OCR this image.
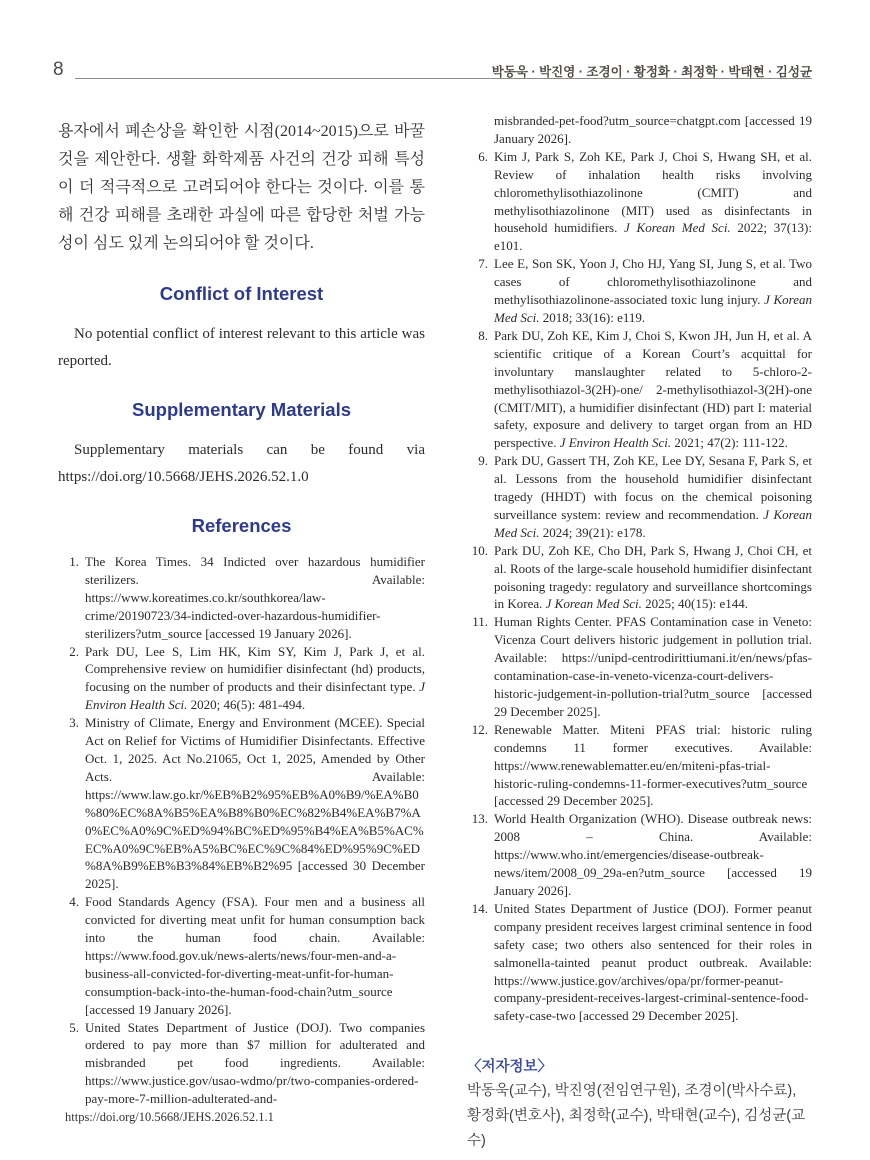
8	박동욱 · 박진영 · 조경이 · 황정화 · 최정학 · 박태현 · 김성균

용자에서 폐손상을 확인한 시점(2014~2015)으로 바꿀 것을 제안한다. 생활 화학제품 사건의 건강 피해 특성이 더 적극적으로 고려되어야 한다는 것이다. 이를 통해 건강 피해를 초래한 과실에 따른 합당한 처벌 가능성이 심도 있게 논의되어야 할 것이다.

Conflict of Interest

No potential conflict of interest relevant to this article was reported.

Supplementary Materials

Supplementary materials can be found via https://doi.org/10.5668/JEHS.2026.52.1.0

References
1. The Korea Times. 34 Indicted over hazardous humidifier sterilizers. Available: https://www.koreatimes.co.kr/southkorea/law-crime/20190723/34-indicted-over-hazardous-humidifier-sterilizers?utm_source [accessed 19 January 2026].
2. Park DU, Lee S, Lim HK, Kim SY, Kim J, Park J, et al. Comprehensive review on humidifier disinfectant (hd) products, focusing on the number of products and their disinfectant type. J Environ Health Sci. 2020; 46(5): 481-494.
3. Ministry of Climate, Energy and Environment (MCEE). Special Act on Relief for Victims of Humidifier Disinfectants. Effective Oct. 1, 2025. Act No.21065, Oct 1, 2025, Amended by Other Acts. Available: https://www.law.go.kr/%EB%B2%95%EB%A0%B9/%EA%B0%80%EC%8A%B5%EA%B8%B0%EC%82%B4%EA%B7%A0%EC%A0%9C%ED%94%BC%ED%95%B4%EA%B5%AC%EC%A0%9C%EB%A5%BC%EC%9C%84%ED%95%9C%ED%8A%B9%EB%B3%84%EB%B2%95 [accessed 30 December 2025].
4. Food Standards Agency (FSA). Four men and a business all convicted for diverting meat unfit for human consumption back into the human food chain. Available: https://www.food.gov.uk/news-alerts/news/four-men-and-a-business-all-convicted-for-diverting-meat-unfit-for-human-consumption-back-into-the-human-food-chain?utm_source [accessed 19 January 2026].
5. United States Department of Justice (DOJ). Two companies ordered to pay more than $7 million for adulterated and misbranded pet food ingredients. Available: https://www.justice.gov/usao-wdmo/pr/two-companies-ordered-pay-more-7-million-adulterated-and-
misbranded-pet-food?utm_source=chatgpt.com [accessed 19 January 2026].
6. Kim J, Park S, Zoh KE, Park J, Choi S, Hwang SH, et al. Review of inhalation health risks involving chloromethylisothiazolinone (CMIT) and methylisothiazolinone (MIT) used as disinfectants in household humidifiers. J Korean Med Sci. 2022; 37(13): e101.
7. Lee E, Son SK, Yoon J, Cho HJ, Yang SI, Jung S, et al. Two cases of chloromethylisothiazolinone and methylisothiazolinone-associated toxic lung injury. J Korean Med Sci. 2018; 33(16): e119.
8. Park DU, Zoh KE, Kim J, Choi S, Kwon JH, Jun H, et al. A scientific critique of a Korean Court’s acquittal for involuntary manslaughter related to 5-chloro-2-methylisothiazol-3(2H)-one/ 2-methylisothiazol-3(2H)-one (CMIT/MIT), a humidifier disinfectant (HD) part I: material safety, exposure and delivery to target organ from an HD perspective. J Environ Health Sci. 2021; 47(2): 111-122.
9. Park DU, Gassert TH, Zoh KE, Lee DY, Sesana F, Park S, et al. Lessons from the household humidifier disinfectant tragedy (HHDT) with focus on the chemical poisoning surveillance system: review and recommendation. J Korean Med Sci. 2024; 39(21): e178.
10. Park DU, Zoh KE, Cho DH, Park S, Hwang J, Choi CH, et al. Roots of the large-scale household humidifier disinfectant poisoning tragedy: regulatory and surveillance shortcomings in Korea. J Korean Med Sci. 2025; 40(15): e144.
11. Human Rights Center. PFAS Contamination case in Veneto: Vicenza Court delivers historic judgement in pollution trial. Available: https://unipd-centrodirittiumani.it/en/news/pfas-contamination-case-in-veneto-vicenza-court-delivers-historic-judgement-in-pollution-trial?utm_source [accessed 29 December 2025].
12. Renewable Matter. Miteni PFAS trial: historic ruling condemns 11 former executives. Available: https://www.renewablematter.eu/en/miteni-pfas-trial-historic-ruling-condemns-11-former-executives?utm_source [accessed 29 December 2025].
13. World Health Organization (WHO). Disease outbreak news: 2008 – China. Available: https://www.who.int/emergencies/disease-outbreak-news/item/2008_09_29a-en?utm_source [accessed 19 January 2026].
14. United States Department of Justice (DOJ). Former peanut company president receives largest criminal sentence in food safety case; two others also sentenced for their roles in salmonella-tainted peanut product outbreak. Available: https://www.justice.gov/archives/opa/pr/former-peanut-company-president-receives-largest-criminal-sentence-food-safety-case-two [accessed 29 December 2025].
〈저자정보〉
박동욱(교수), 박진영(전임연구원), 조경이(박사수료),
황정화(변호사), 최정학(교수), 박태현(교수), 김성균(교수)
https://doi.org/10.5668/JEHS.2026.52.1.1
